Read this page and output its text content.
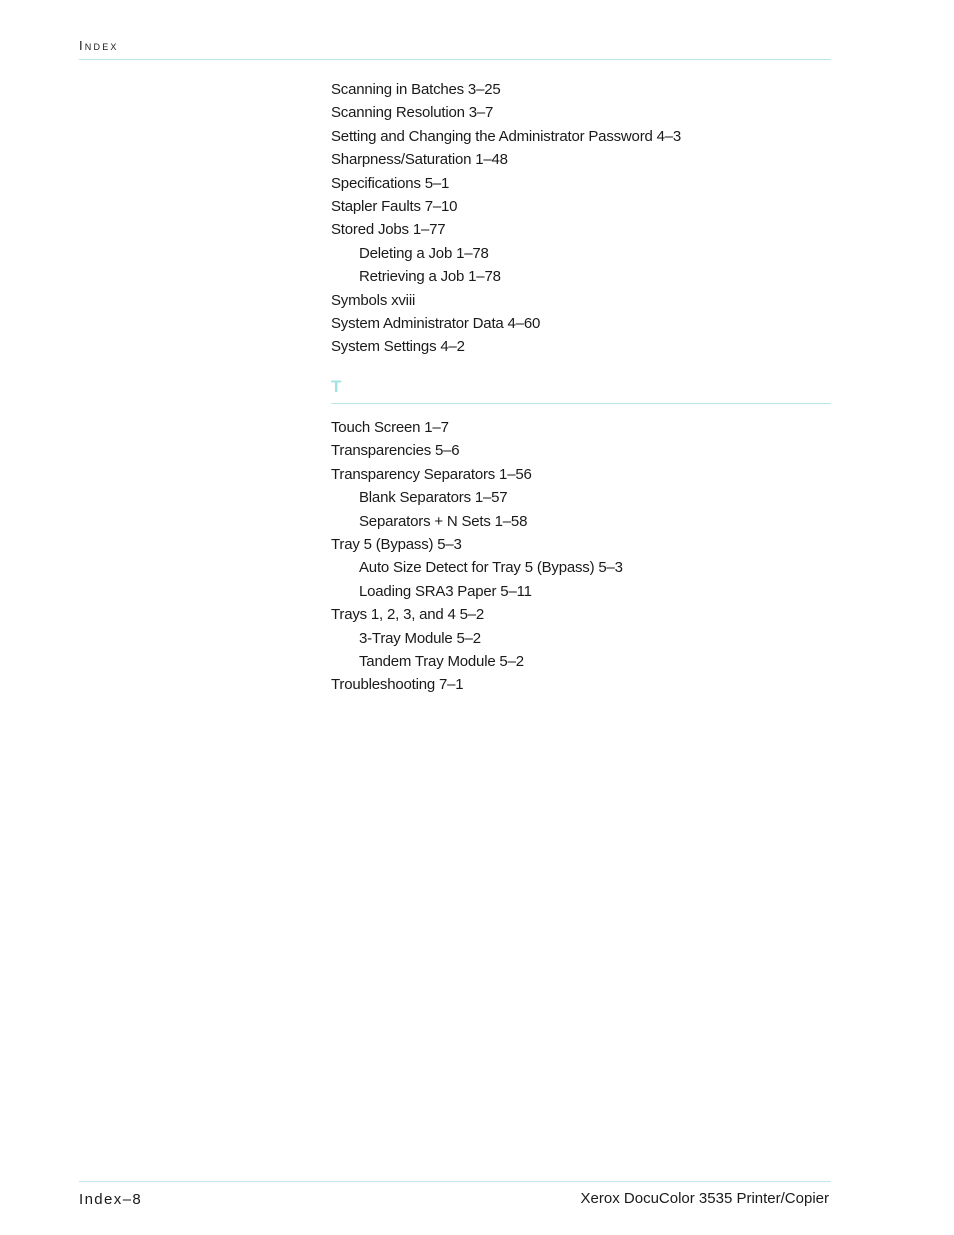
Index
Scanning in Batches 3–25
Scanning Resolution 3–7
Setting and Changing the Administrator Password 4–3
Sharpness/Saturation 1–48
Specifications 5–1
Stapler Faults 7–10
Stored Jobs 1–77
Deleting a Job 1–78
Retrieving a Job 1–78
Symbols xviii
System Administrator Data 4–60
System Settings 4–2
T
Touch Screen 1–7
Transparencies 5–6
Transparency Separators 1–56
Blank Separators 1–57
Separators + N Sets 1–58
Tray 5 (Bypass) 5–3
Auto Size Detect for Tray 5 (Bypass) 5–3
Loading SRA3 Paper 5–11
Trays 1, 2, 3, and 4 5–2
3-Tray Module 5–2
Tandem Tray Module 5–2
Troubleshooting 7–1
Index–8	Xerox DocuColor 3535 Printer/Copier
